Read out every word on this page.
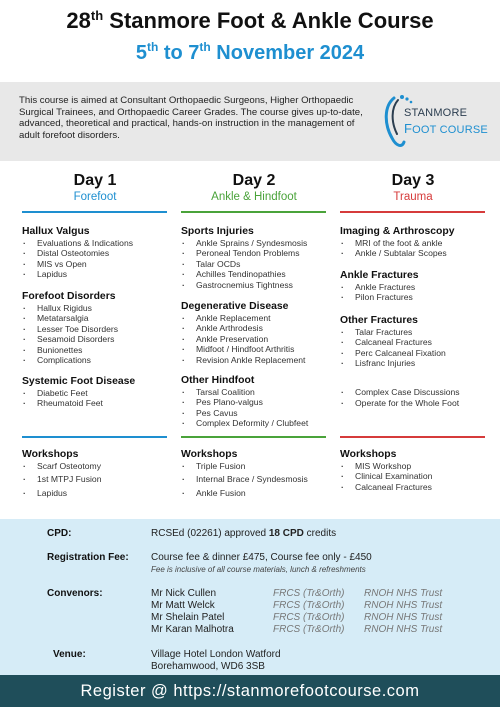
28th Stanmore Foot & Ankle Course
5th to 7th November 2024
This course is aimed at Consultant Orthopaedic Surgeons, Higher Orthopaedic Surgical Trainees, and Orthopaedic Career Grades. The course gives up-to-date, advanced, theoretical and practical, hands-on instruction in the management of adult forefoot disorders.
STANMORE
FOOT COURSE
Day 1
Forefoot
Day 2
Ankle & Hindfoot
Day 3
Trauma
Hallux Valgus
· Evaluations & Indications
· Distal Osteotomies
· MIS vs Open
· Lapidus
Forefoot Disorders
· Hallux Rigidus
· Metatarsalgia
· Lesser Toe Disorders
· Sesamoid Disorders
· Bunionettes
· Complications
Systemic Foot Disease
· Diabetic Feet
· Rheumatoid Feet
Workshops
· Scarf Osteotomy
· 1st MTPJ Fusion
· Lapidus
Sports Injuries
· Ankle Sprains / Syndesmosis
· Peroneal Tendon Problems
· Talar OCDs
· Achilles Tendinopathies
· Gastrocnemius Tightness
Degenerative Disease
· Ankle Replacement
· Ankle Arthrodesis
· Ankle Preservation
· Midfoot / Hindfoot Arthritis
· Revision Ankle Replacement
Other Hindfoot
· Tarsal Coalition
· Pes Plano-valgus
· Pes Cavus
· Complex Deformity / Clubfeet
Workshops
· Triple Fusion
· Internal Brace / Syndesmosis
· Ankle Fusion
Imaging & Arthroscopy
· MRI of the foot & ankle
· Ankle / Subtalar Scopes
Ankle Fractures
· Ankle Fractures
· Pilon Fractures
Other Fractures
· Talar Fractures
· Calcaneal Fractures
· Perc Calcaneal Fixation
· Lisfranc Injuries
· Complex Case Discussions
· Operate for the Whole Foot
Workshops
· MIS Workshop
· Clinical Examination
· Calcaneal Fractures
CPD:	RCSEd (02261) approved 18 CPD credits
Registration Fee: Course fee & dinner £475, Course fee only - £450
Fee is inclusive of all course materials, lunch & refreshments
Convenors:	Mr Nick Cullen	FRCS (Tr&Orth) RNOH NHS Trust
Mr Matt Welck	FRCS (Tr&Orth) RNOH NHS Trust
Mr Shelain Patel	FRCS (Tr&Orth) RNOH NHS Trust
Mr Karan Malhotra	FRCS (Tr&Orth) RNOH NHS Trust
Venue:	Village Hotel London Watford
Borehamwood, WD6 3SB
Register @ https://stanmorefootcourse.com
